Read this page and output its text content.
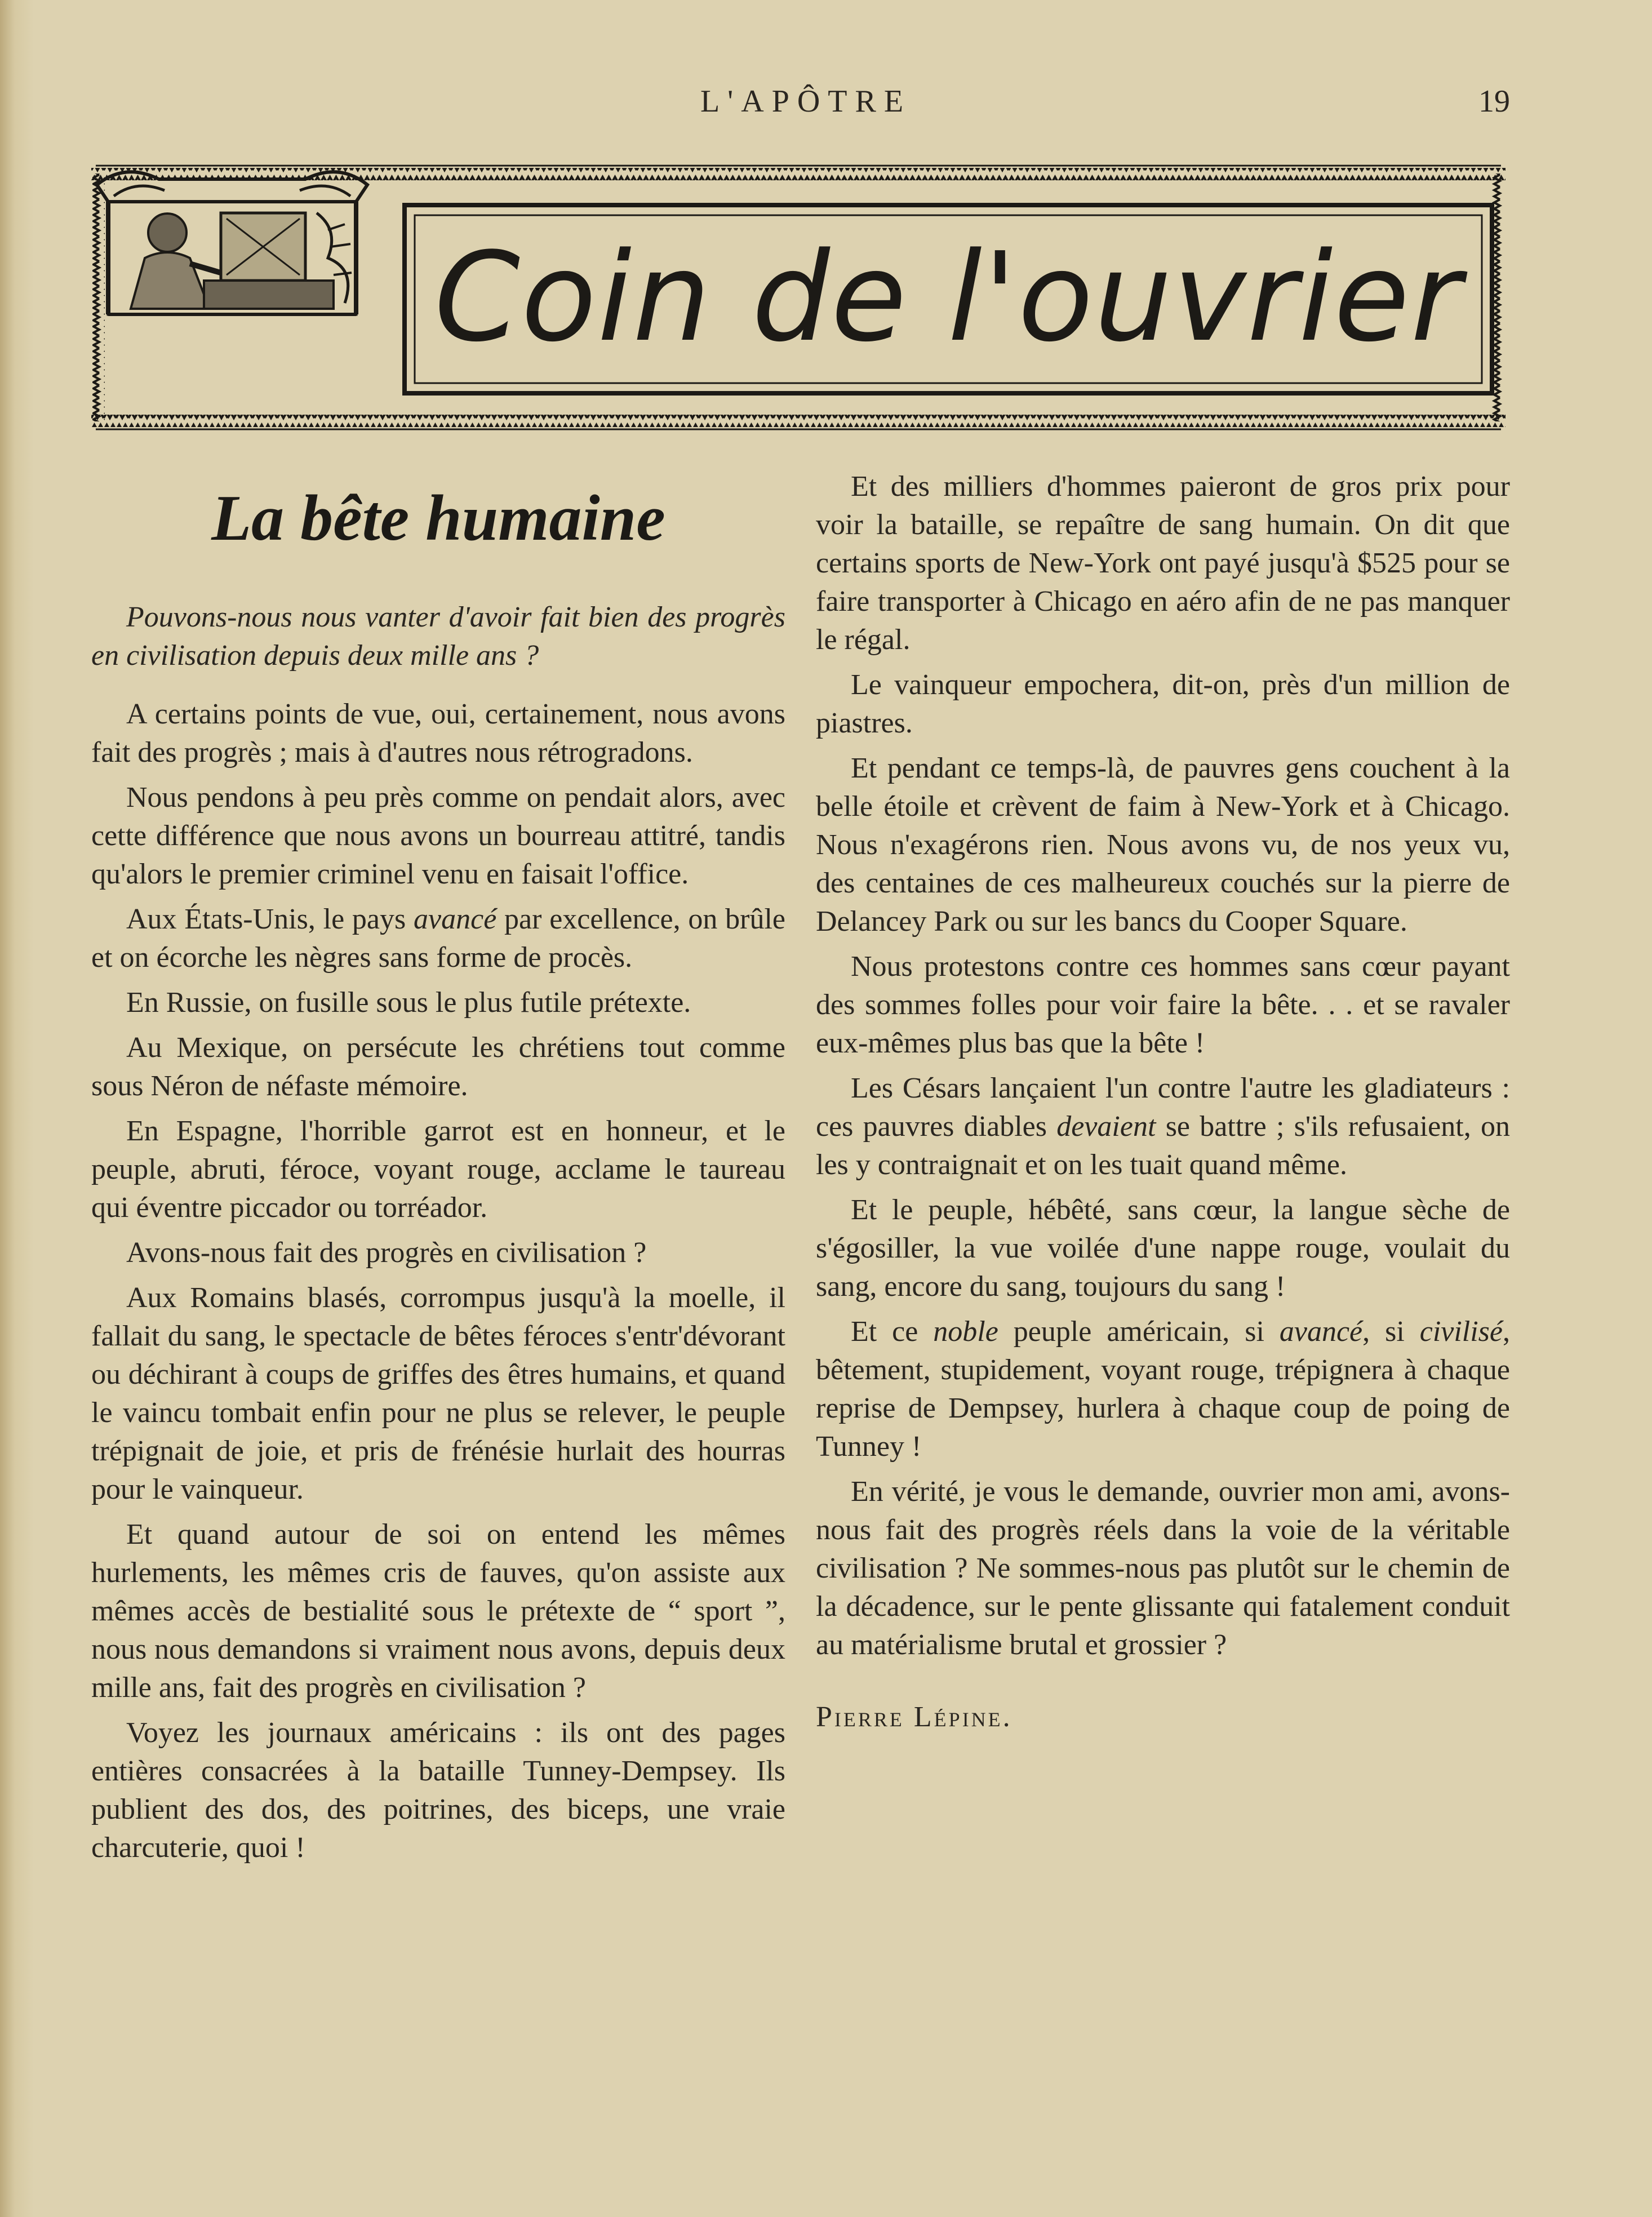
L'APÔTRE	19
Coin de l'ouvrier
La bête humaine

Pouvons-nous nous vanter d'avoir fait bien des progrès en civilisation depuis deux mille ans ?

A certains points de vue, oui, certainement, nous avons fait des progrès ; mais à d'autres nous rétrogradons.

Nous pendons à peu près comme on pendait alors, avec cette différence que nous avons un bourreau attitré, tandis qu'alors le premier criminel venu en faisait l'office.

Aux États-Unis, le pays avancé par excellence, on brûle et on écorche les nègres sans forme de procès.

En Russie, on fusille sous le plus futile prétexte.

Au Mexique, on persécute les chrétiens tout comme sous Néron de néfaste mémoire.

En Espagne, l'horrible garrot est en honneur, et le peuple, abruti, féroce, voyant rouge, acclame le taureau qui éventre piccador ou torréador.

Avons-nous fait des progrès en civilisation ?

Aux Romains blasés, corrompus jusqu'à la moelle, il fallait du sang, le spectacle de bêtes féroces s'entr'dévorant ou déchirant à coups de griffes des êtres humains, et quand le vaincu tombait enfin pour ne plus se relever, le peuple trépignait de joie, et pris de frénésie hurlait des hourras pour le vainqueur.

Et quand autour de soi on entend les mêmes hurlements, les mêmes cris de fauves, qu'on assiste aux mêmes accès de bestialité sous le prétexte de “ sport ”, nous nous demandons si vraiment nous avons, depuis deux mille ans, fait des progrès en civilisation ?

Voyez les journaux américains : ils ont des pages entières consacrées à la bataille Tunney-Dempsey. Ils publient des dos, des poitrines, des biceps, une vraie charcuterie, quoi !

Et des milliers d'hommes paieront de gros prix pour voir la bataille, se repaître de sang humain. On dit que certains sports de New-York ont payé jusqu'à $525 pour se faire transporter à Chicago en aéro afin de ne pas manquer le régal.

Le vainqueur empochera, dit-on, près d'un million de piastres.

Et pendant ce temps-là, de pauvres gens couchent à la belle étoile et crèvent de faim à New-York et à Chicago. Nous n'exagérons rien. Nous avons vu, de nos yeux vu, des centaines de ces malheureux couchés sur la pierre de Delancey Park ou sur les bancs du Cooper Square.

Nous protestons contre ces hommes sans cœur payant des sommes folles pour voir faire la bête. . . et se ravaler eux-mêmes plus bas que la bête !

Les Césars lançaient l'un contre l'autre les gladiateurs : ces pauvres diables devaient se battre ; s'ils refusaient, on les y contraignait et on les tuait quand même.

Et le peuple, hébêté, sans cœur, la langue sèche de s'égosiller, la vue voilée d'une nappe rouge, voulait du sang, encore du sang, toujours du sang !

Et ce noble peuple américain, si avancé, si civilisé, bêtement, stupidement, voyant rouge, trépignera à chaque reprise de Dempsey, hurlera à chaque coup de poing de Tunney !

En vérité, je vous le demande, ouvrier mon ami, avons-nous fait des progrès réels dans la voie de la véritable civilisation ? Ne sommes-nous pas plutôt sur le chemin de la décadence, sur le pente glissante qui fatalement conduit au matérialisme brutal et grossier ?

Pierre Lépine.
